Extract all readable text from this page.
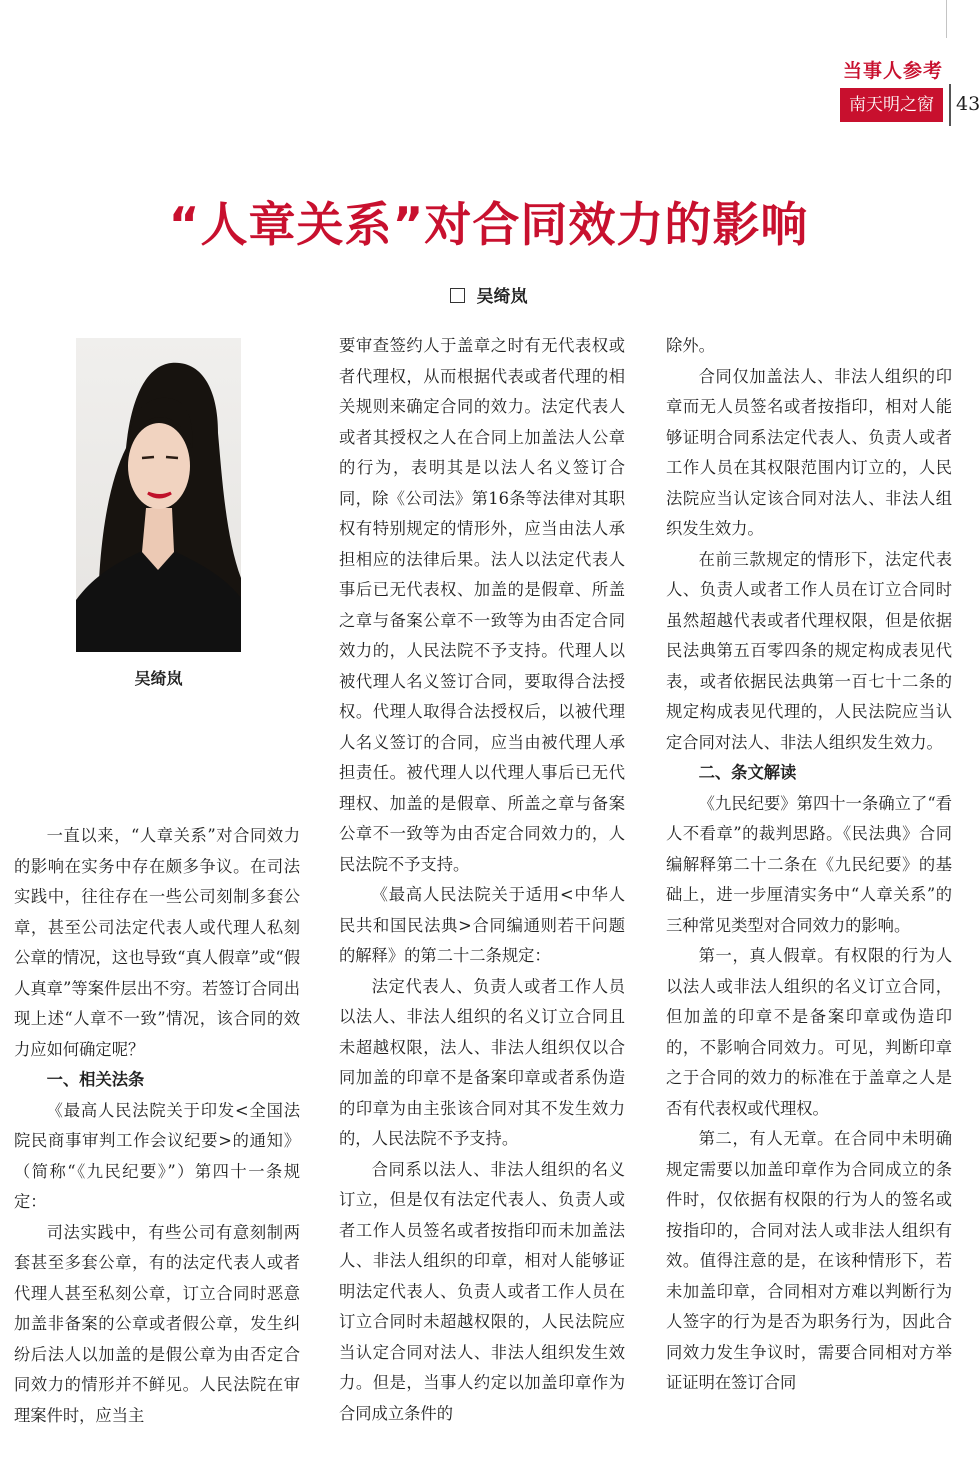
当事人参考
南天明之窗	43
“人章关系”对合同效力的影响
吴绮岚
吴绮岚

一直以来，“人章关系”对合同效力的影响在实务中存在颇多争议。在司法实践中，往往存在一些公司刻制多套公章，甚至公司法定代表人或代理人私刻公章的情况，这也导致“真人假章”或“假人真章”等案件层出不穷。若签订合同出现上述“人章不一致”情况，该合同的效力应如何确定呢？

一、相关法条

《最高人民法院关于印发<全国法院民商事审判工作会议纪要>的通知》（简称“《九民纪要》”）第四十一条规定：

司法实践中，有些公司有意刻制两套甚至多套公章，有的法定代表人或者代理人甚至私刻公章，订立合同时恶意加盖非备案的公章或者假公章，发生纠纷后法人以加盖的是假公章为由否定合同效力的情形并不鲜见。人民法院在审理案件时，应当主

要审查签约人于盖章之时有无代表权或者代理权，从而根据代表或者代理的相关规则来确定合同的效力。法定代表人或者其授权之人在合同上加盖法人公章的行为，表明其是以法人名义签订合同，除《公司法》第16条等法律对其职权有特别规定的情形外，应当由法人承担相应的法律后果。法人以法定代表人事后已无代表权、加盖的是假章、所盖之章与备案公章不一致等为由否定合同效力的，人民法院不予支持。代理人以被代理人名义签订合同，要取得合法授权。代理人取得合法授权后，以被代理人名义签订的合同，应当由被代理人承担责任。被代理人以代理人事后已无代理权、加盖的是假章、所盖之章与备案公章不一致等为由否定合同效力的，人民法院不予支持。

《最高人民法院关于适用<中华人民共和国民法典>合同编通则若干问题的解释》的第二十二条规定：

法定代表人、负责人或者工作人员以法人、非法人组织的名义订立合同且未超越权限，法人、非法人组织仅以合同加盖的印章不是备案印章或者系伪造的印章为由主张该合同对其不发生效力的，人民法院不予支持。

合同系以法人、非法人组织的名义订立，但是仅有法定代表人、负责人或者工作人员签名或者按指印而未加盖法人、非法人组织的印章，相对人能够证明法定代表人、负责人或者工作人员在订立合同时未超越权限的，人民法院应当认定合同对法人、非法人组织发生效力。但是，当事人约定以加盖印章作为合同成立条件的

除外。

合同仅加盖法人、非法人组织的印章而无人员签名或者按指印，相对人能够证明合同系法定代表人、负责人或者工作人员在其权限范围内订立的，人民法院应当认定该合同对法人、非法人组织发生效力。

在前三款规定的情形下，法定代表人、负责人或者工作人员在订立合同时虽然超越代表或者代理权限，但是依据民法典第五百零四条的规定构成表见代表，或者依据民法典第一百七十二条的规定构成表见代理的，人民法院应当认定合同对法人、非法人组织发生效力。

二、条文解读

《九民纪要》第四十一条确立了“看人不看章”的裁判思路。《民法典》合同编解释第二十二条在《九民纪要》的基础上，进一步厘清实务中“人章关系”的三种常见类型对合同效力的影响。

第一，真人假章。有权限的行为人以法人或非法人组织的名义订立合同，但加盖的印章不是备案印章或伪造印的，不影响合同效力。可见，判断印章之于合同的效力的标准在于盖章之人是否有代表权或代理权。

第二，有人无章。在合同中未明确规定需要以加盖印章作为合同成立的条件时，仅依据有权限的行为人的签名或按指印的，合同对法人或非法人组织有效。值得注意的是，在该种情形下，若未加盖印章，合同相对方难以判断行为人签字的行为是否为职务行为，因此合同效力发生争议时，需要合同相对方举证证明在签订合同
